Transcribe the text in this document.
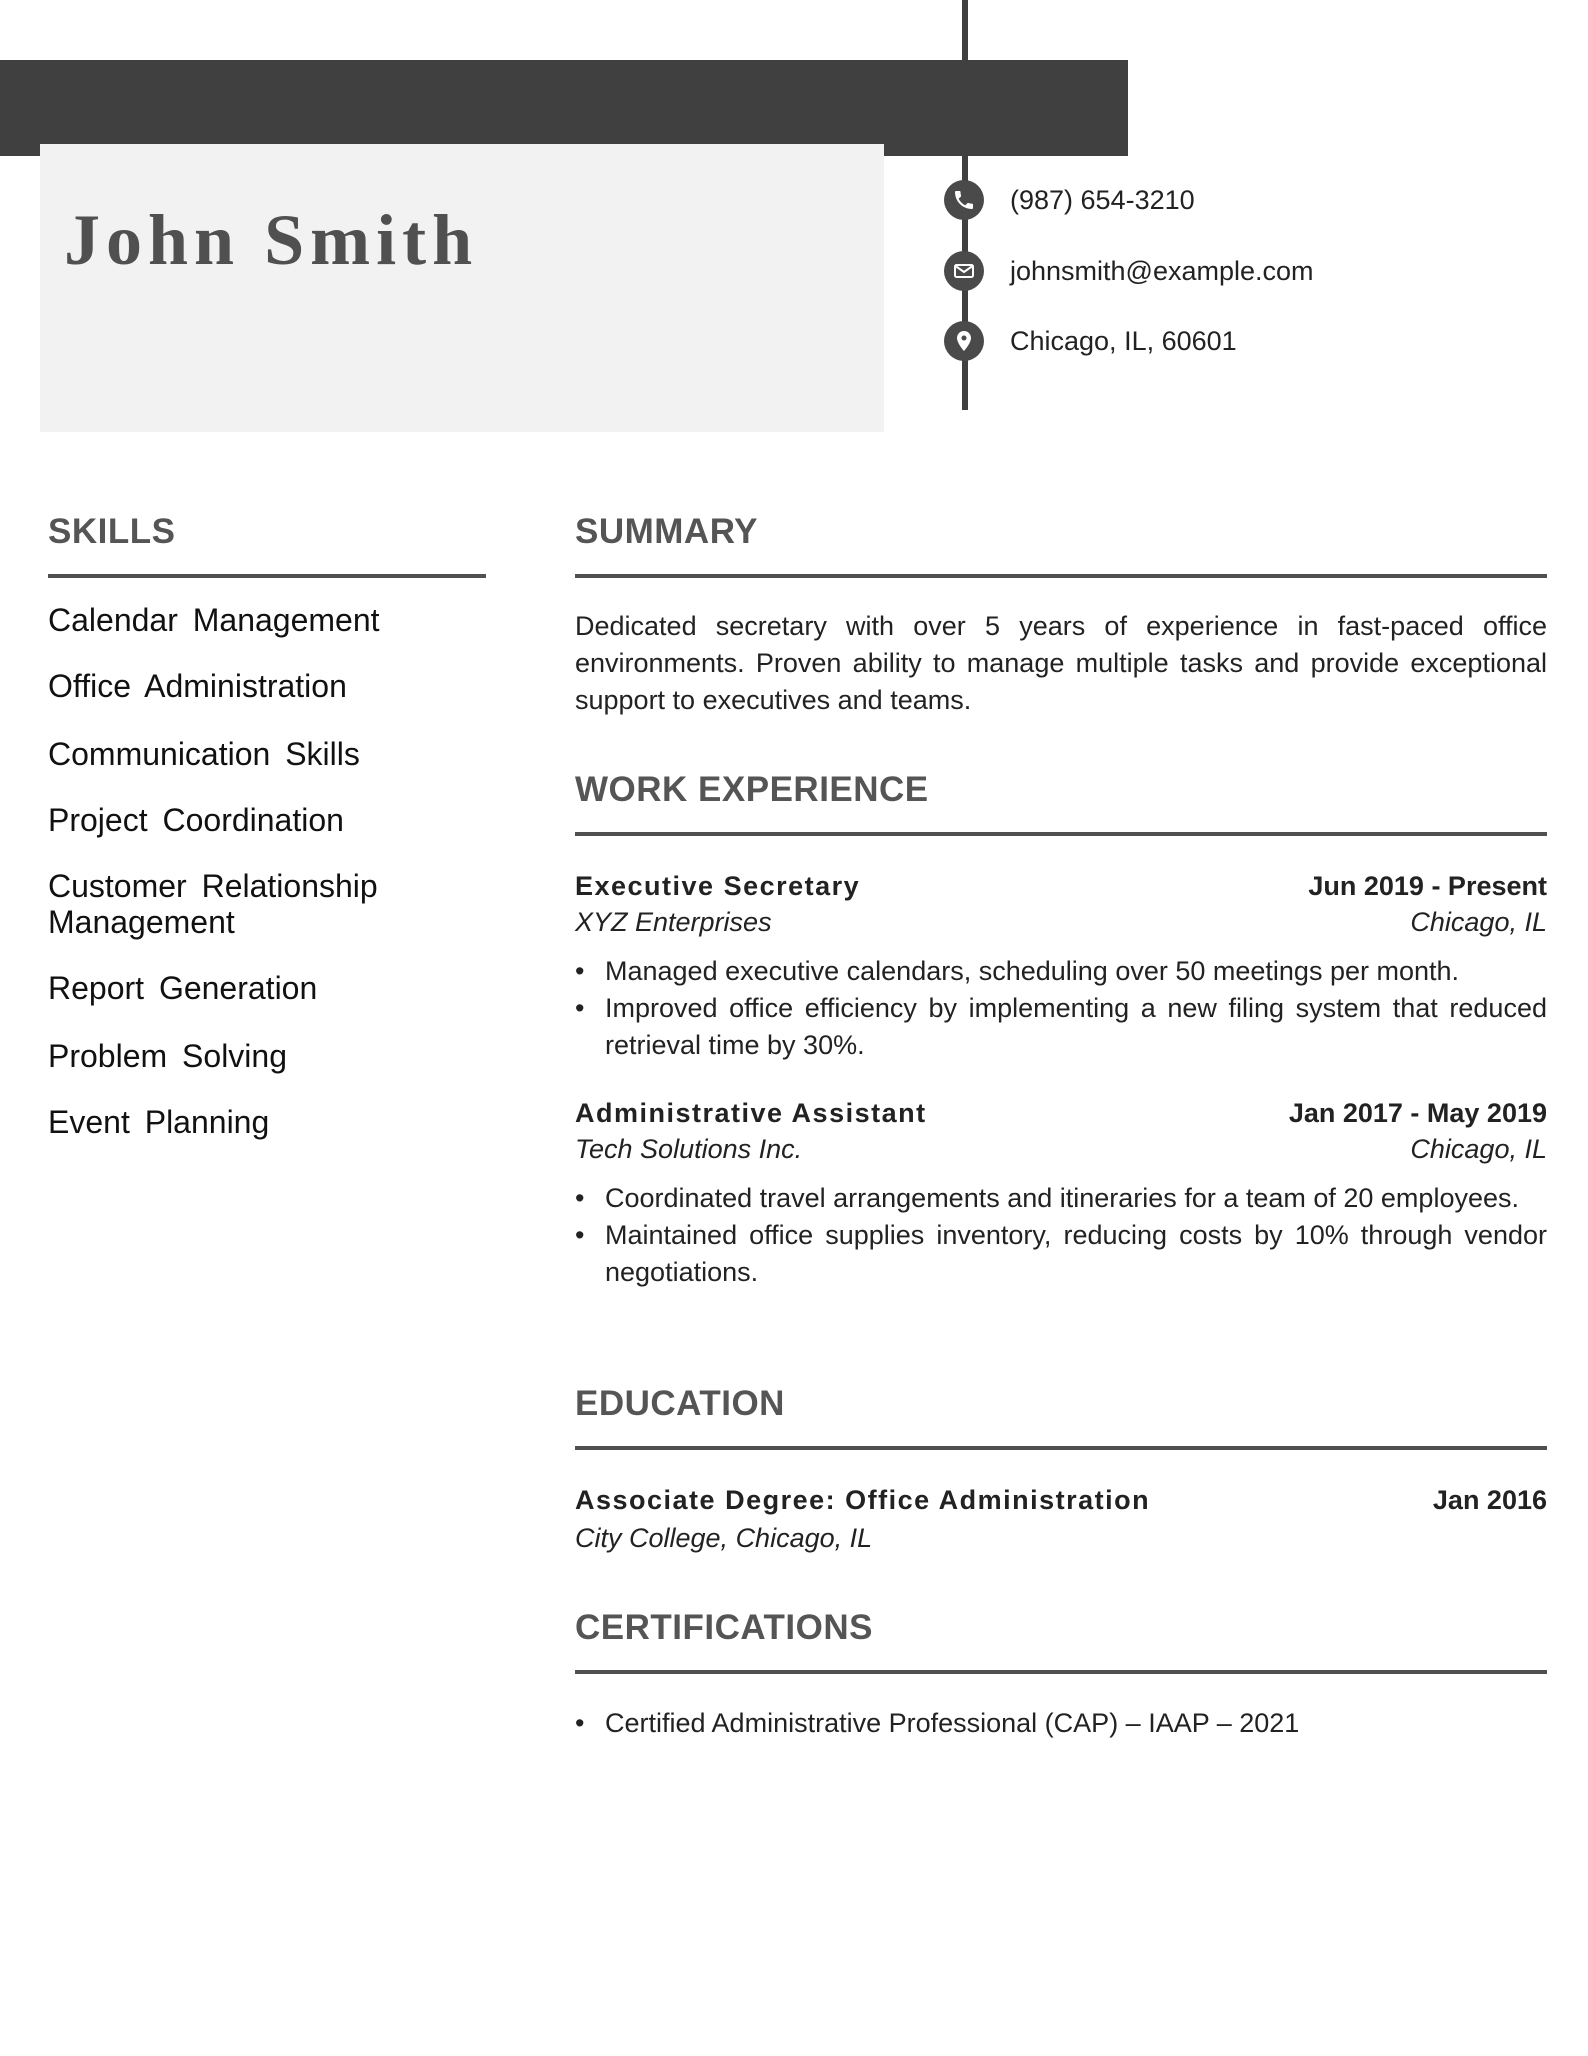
John Smith	(987) 654-3210
johnsmith@example.com
Chicago, IL, 60601
SKILLS
Calendar Management
Office Administration
Communication Skills
Project Coordination
Customer Relationship Management
Report Generation
Problem Solving
Event Planning
SUMMARY

Dedicated secretary with over 5 years of experience in fast-paced office environments. Proven ability to manage multiple tasks and provide exceptional support to executives and teams.

WORK EXPERIENCE
Executive Secretary	Jun 2019 - Present
XYZ Enterprises	Chicago, IL
• Managed executive calendars, scheduling over 50 meetings per month.
• Improved office efficiency by implementing a new filing system that reduced retrieval time by 30%.
Administrative Assistant	Jan 2017 - May 2019
Tech Solutions Inc.	Chicago, IL
• Coordinated travel arrangements and itineraries for a team of 20 employees.
• Maintained office supplies inventory, reducing costs by 10% through vendor negotiations.
EDUCATION
Associate Degree: Office Administration	Jan 2016
City College, Chicago, IL
CERTIFICATIONS
• Certified Administrative Professional (CAP) – IAAP – 2021
